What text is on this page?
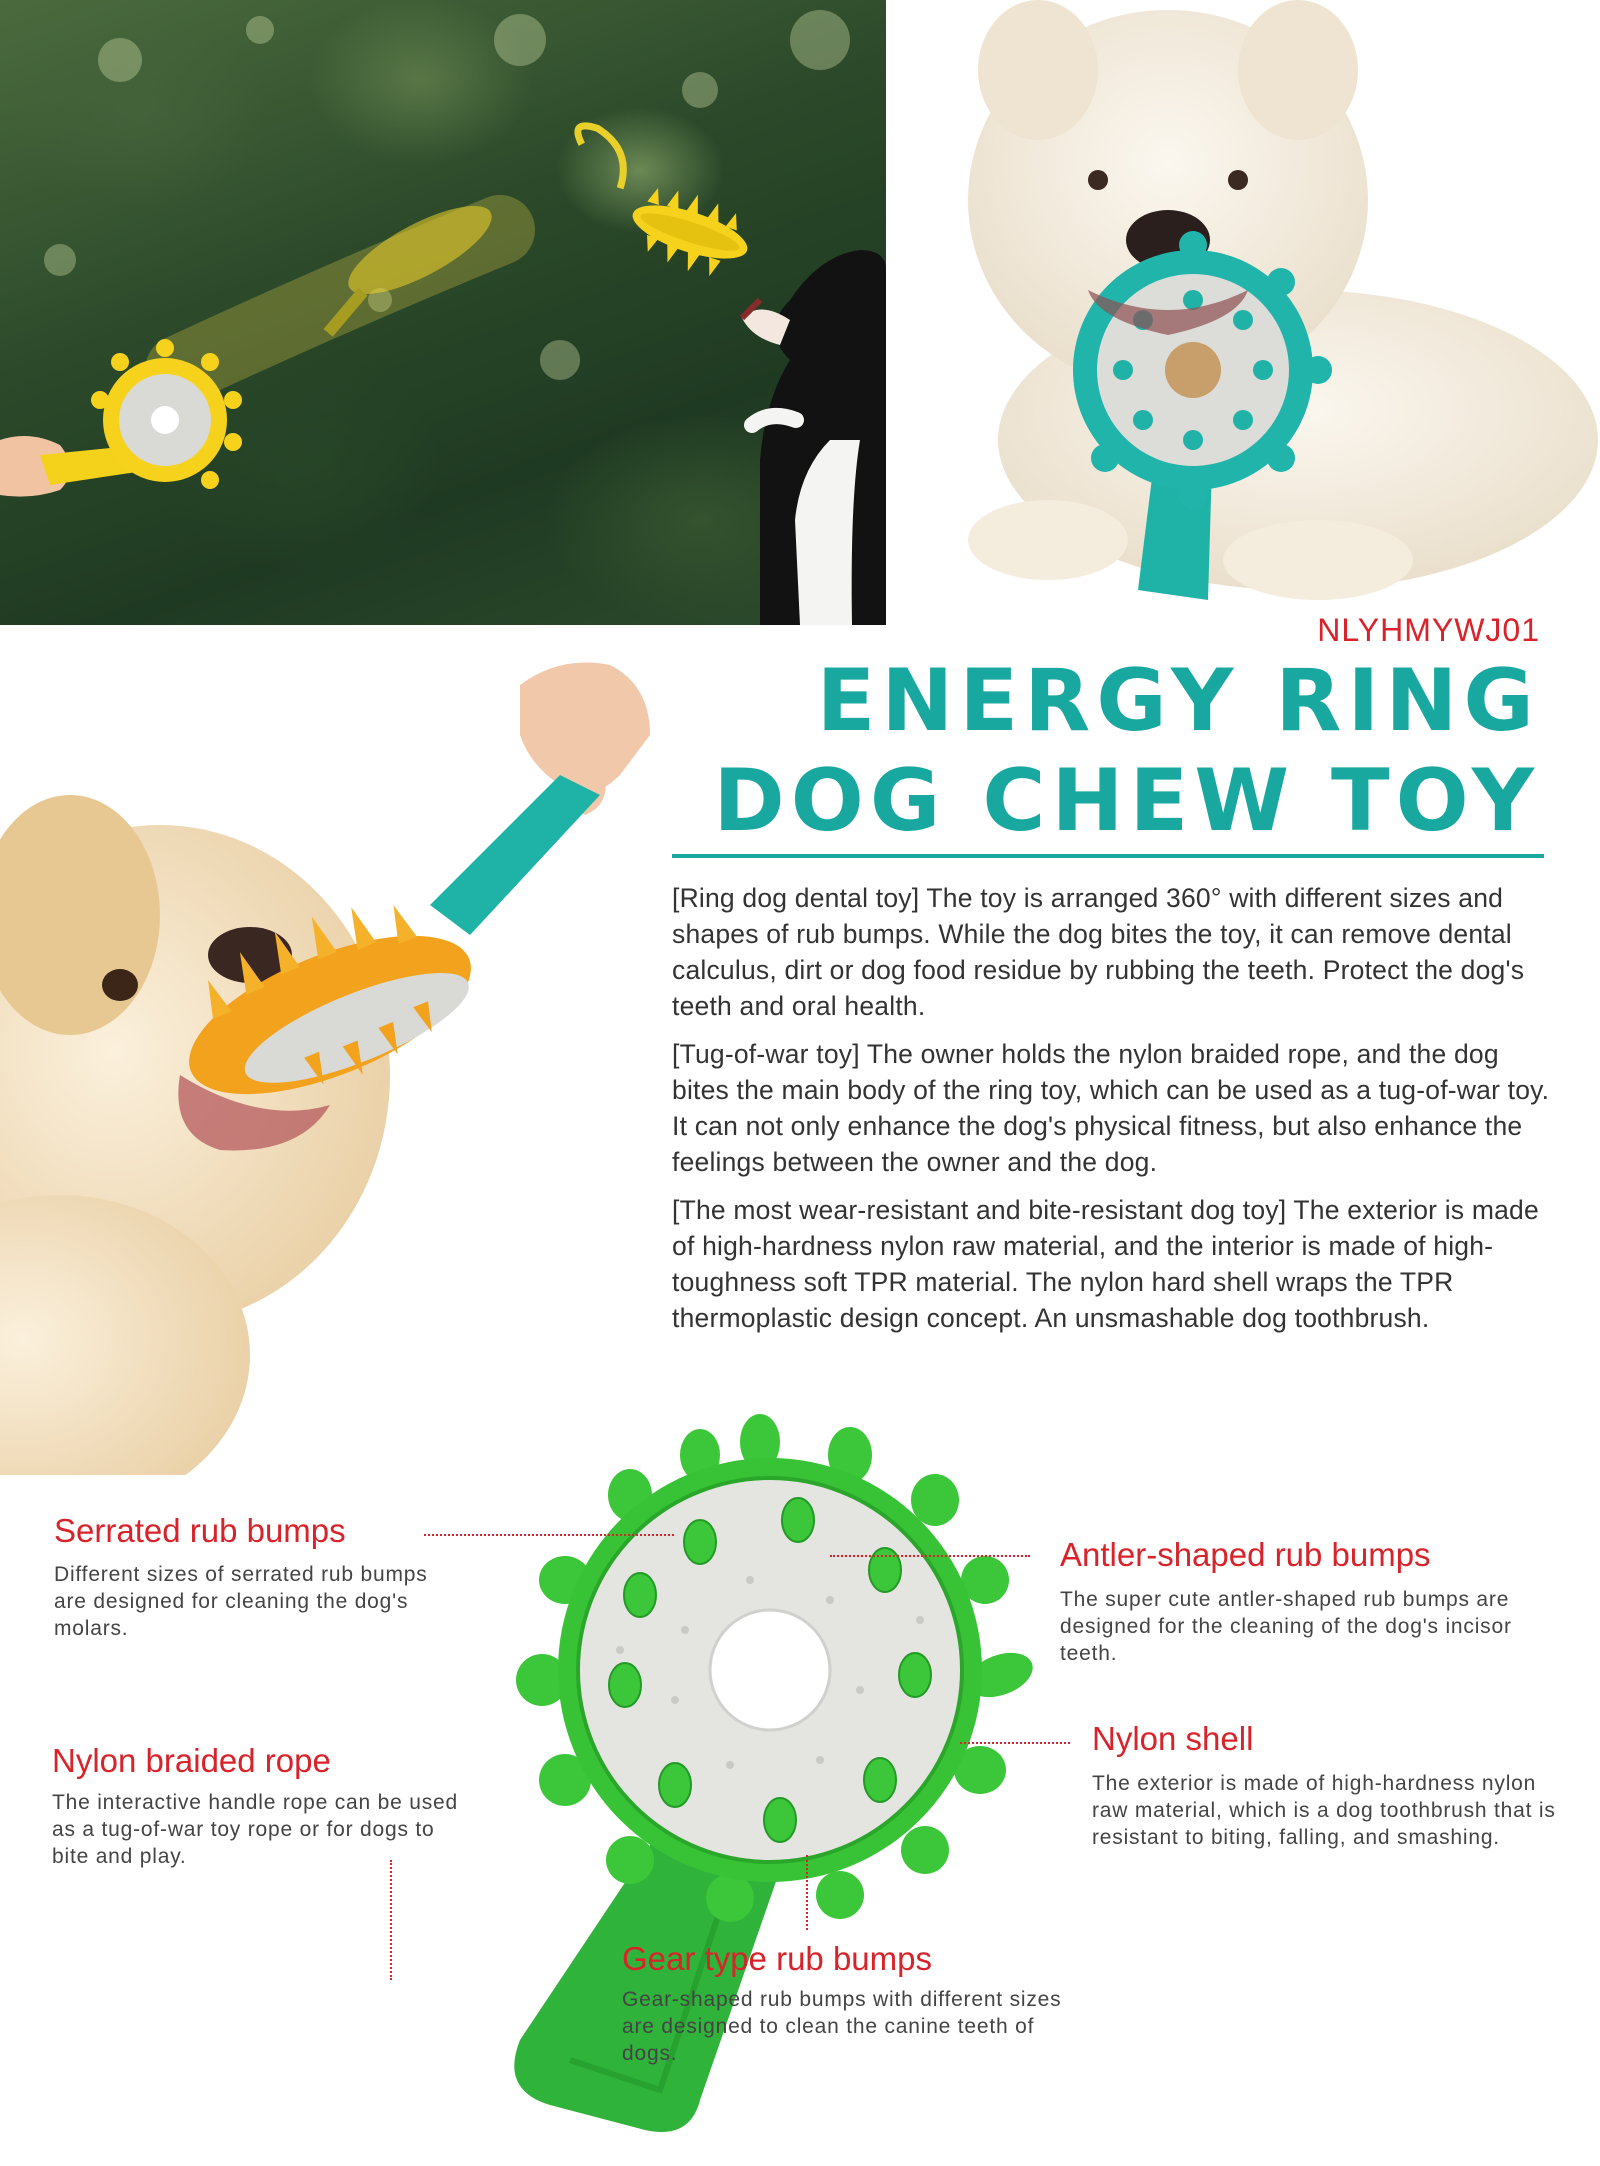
NLYHMYWJ01
ENERGY RING
DOG CHEW TOY

[Ring dog dental toy] The toy is arranged 360° with different sizes and shapes of rub bumps. While the dog bites the toy, it can remove dental calculus, dirt or dog food residue by rubbing the teeth. Protect the dog's teeth and oral health.

[Tug-of-war toy] The owner holds the nylon braided rope, and the dog bites the main body of the ring toy, which can be used as a tug-of-war toy. It can not only enhance the dog's physical fitness, but also enhance the feelings between the owner and the dog.

[The most wear-resistant and bite-resistant dog toy] The exterior is made of high-hardness nylon raw material, and the interior is made of high-toughness soft TPR material. The nylon hard shell wraps the TPR thermoplastic design concept. An unsmashable dog toothbrush.

Serrated rub bumps
Different sizes of serrated rub bumps are designed for cleaning the dog's molars.
Antler-shaped rub bumps
The super cute antler-shaped rub bumps are designed for the cleaning of the dog's incisor teeth.
Nylon braided rope
The interactive handle rope can be used as a tug-of-war toy rope or for dogs to bite and play.
Nylon shell
The exterior is made of high-hardness nylon raw material, which is a dog toothbrush that is resistant to biting, falling, and smashing.
Gear type rub bumps
Gear-shaped rub bumps with different sizes are designed to clean the canine teeth of dogs.
